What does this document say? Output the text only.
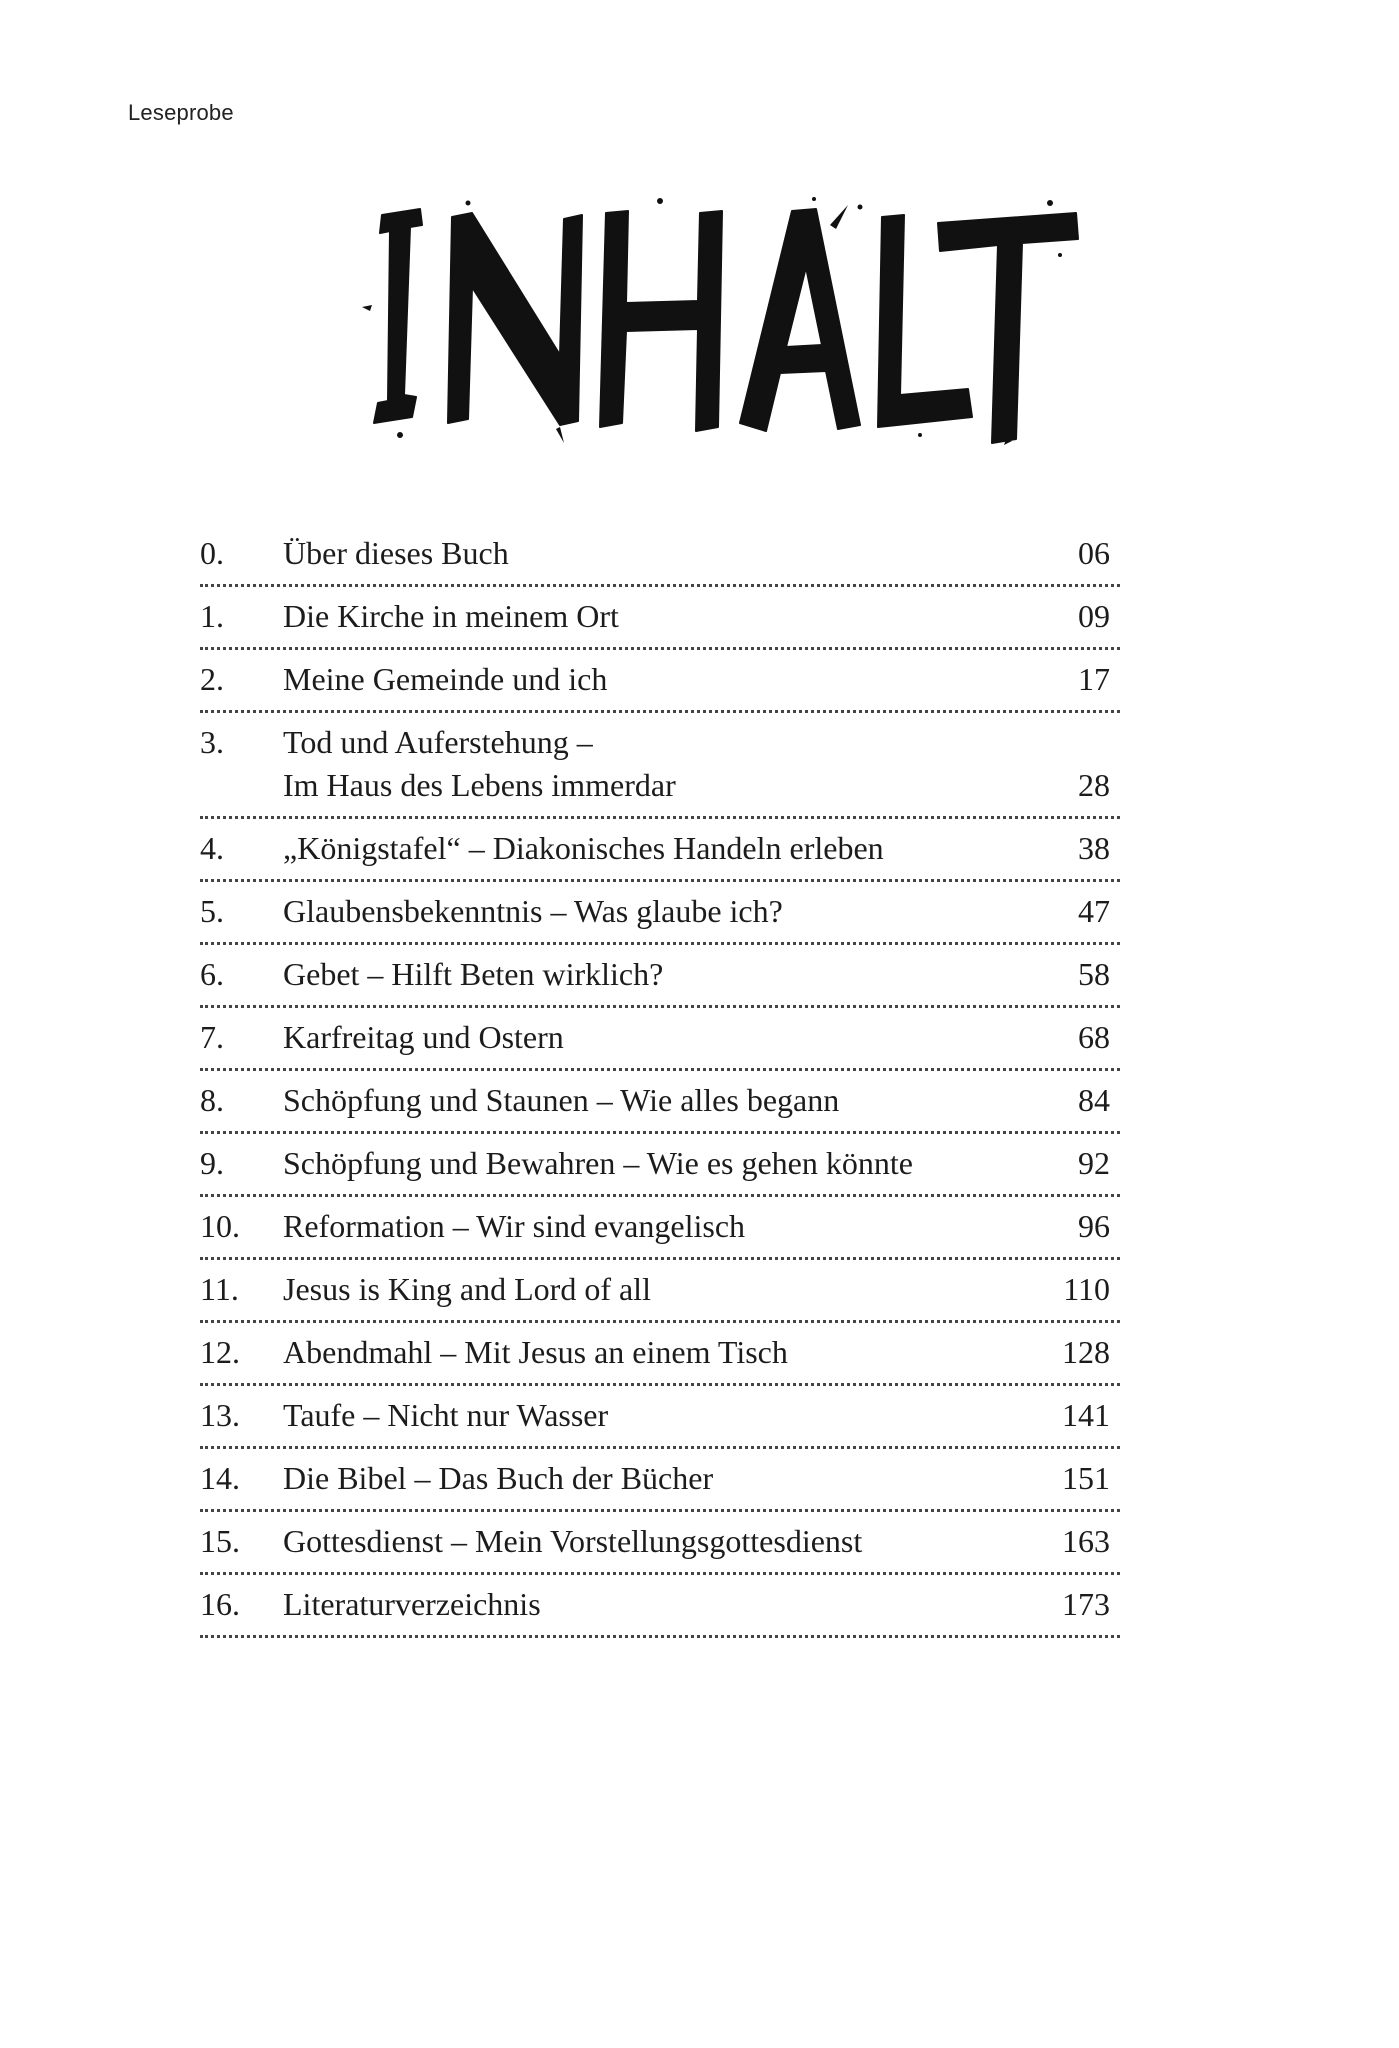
Leseprobe
0.	Über dieses Buch	06
1.	Die Kirche in meinem Ort	09
2.	Meine Gemeinde und ich	17
3.	Tod und Auferstehung –
Im Haus des Lebens immerdar	28
4.	„Königstafel“ – Diakonisches Handeln erleben	38
5.	Glaubensbekenntnis – Was glaube ich?	47
6.	Gebet – Hilft Beten wirklich?	58
7.	Karfreitag und Ostern	68
8.	Schöpfung und Staunen – Wie alles begann	84
9.	Schöpfung und Bewahren – Wie es gehen könnte	92
10.	Reformation – Wir sind evangelisch	96
11.	Jesus is King and Lord of all	110
12.	Abendmahl – Mit Jesus an einem Tisch	128
13.	Taufe – Nicht nur Wasser	141
14.	Die Bibel – Das Buch der Bücher	151
15.	Gottesdienst – Mein Vorstellungsgottesdienst	163
16.	Literaturverzeichnis	173
